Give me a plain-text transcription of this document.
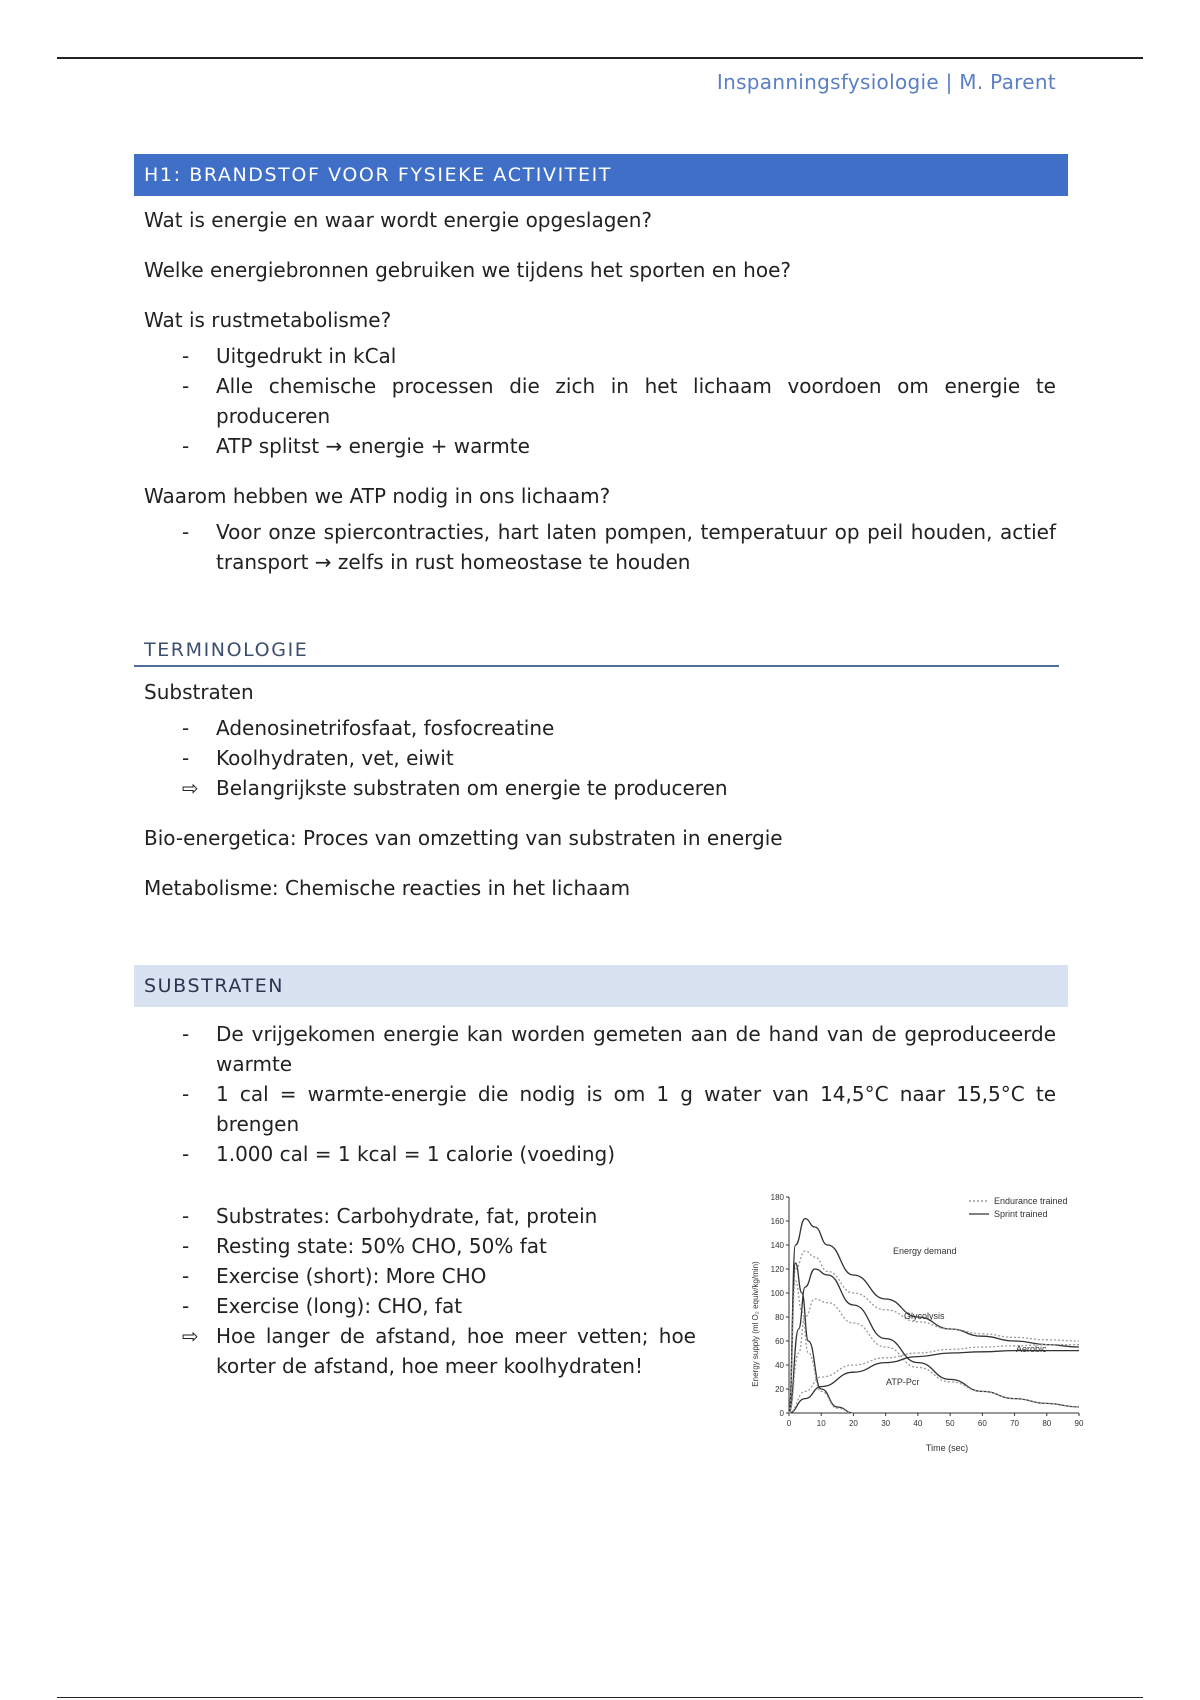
Inspanningsfysiologie | M. Parent
H1: BRANDSTOF VOOR FYSIEKE ACTIVITEIT

Wat is energie en waar wordt energie opgeslagen?

Welke energiebronnen gebruiken we tijdens het sporten en hoe?

Wat is rustmetabolisme?

- Uitgedrukt in kCal
- Alle chemische processen die zich in het lichaam voordoen om energie te produceren
- ATP splitst → energie + warmte

Waarom hebben we ATP nodig in ons lichaam?

- Voor onze spiercontracties, hart laten pompen, temperatuur op peil houden, actief transport → zelfs in rust homeostase te houden
TERMINOLOGIE

Substraten

- Adenosinetrifosfaat, fosfocreatine
- Koolhydraten, vet, eiwit
⇨ Belangrijkste substraten om energie te produceren

Bio-energetica: Proces van omzetting van substraten in energie

Metabolisme: Chemische reacties in het lichaam

SUBSTRATEN
- De vrijgekomen energie kan worden gemeten aan de hand van de geproduceerde warmte
- 1 cal = warmte-energie die nodig is om 1 g water van 14,5°C naar 15,5°C te brengen
- 1.000 cal = 1 kcal = 1 calorie (voeding)
- Substrates: Carbohydrate, fat, protein
- Resting state: 50% CHO, 50% fat
- Exercise (short): More CHO
- Exercise (long): CHO, fat
⇨ Hoe langer de afstand, hoe meer vetten; hoe korter de afstand, hoe meer koolhydraten!
0
20
40
60
80
100
120
140
160
180
0	10	20	30	40	50	60	70	80	90
Energy supply (ml O₂ equiv/kg/min)
Time (sec)
Endurance trained
Sprint trained
Energy demand
Glycolysis
Aerobic
ATP-Pcr
